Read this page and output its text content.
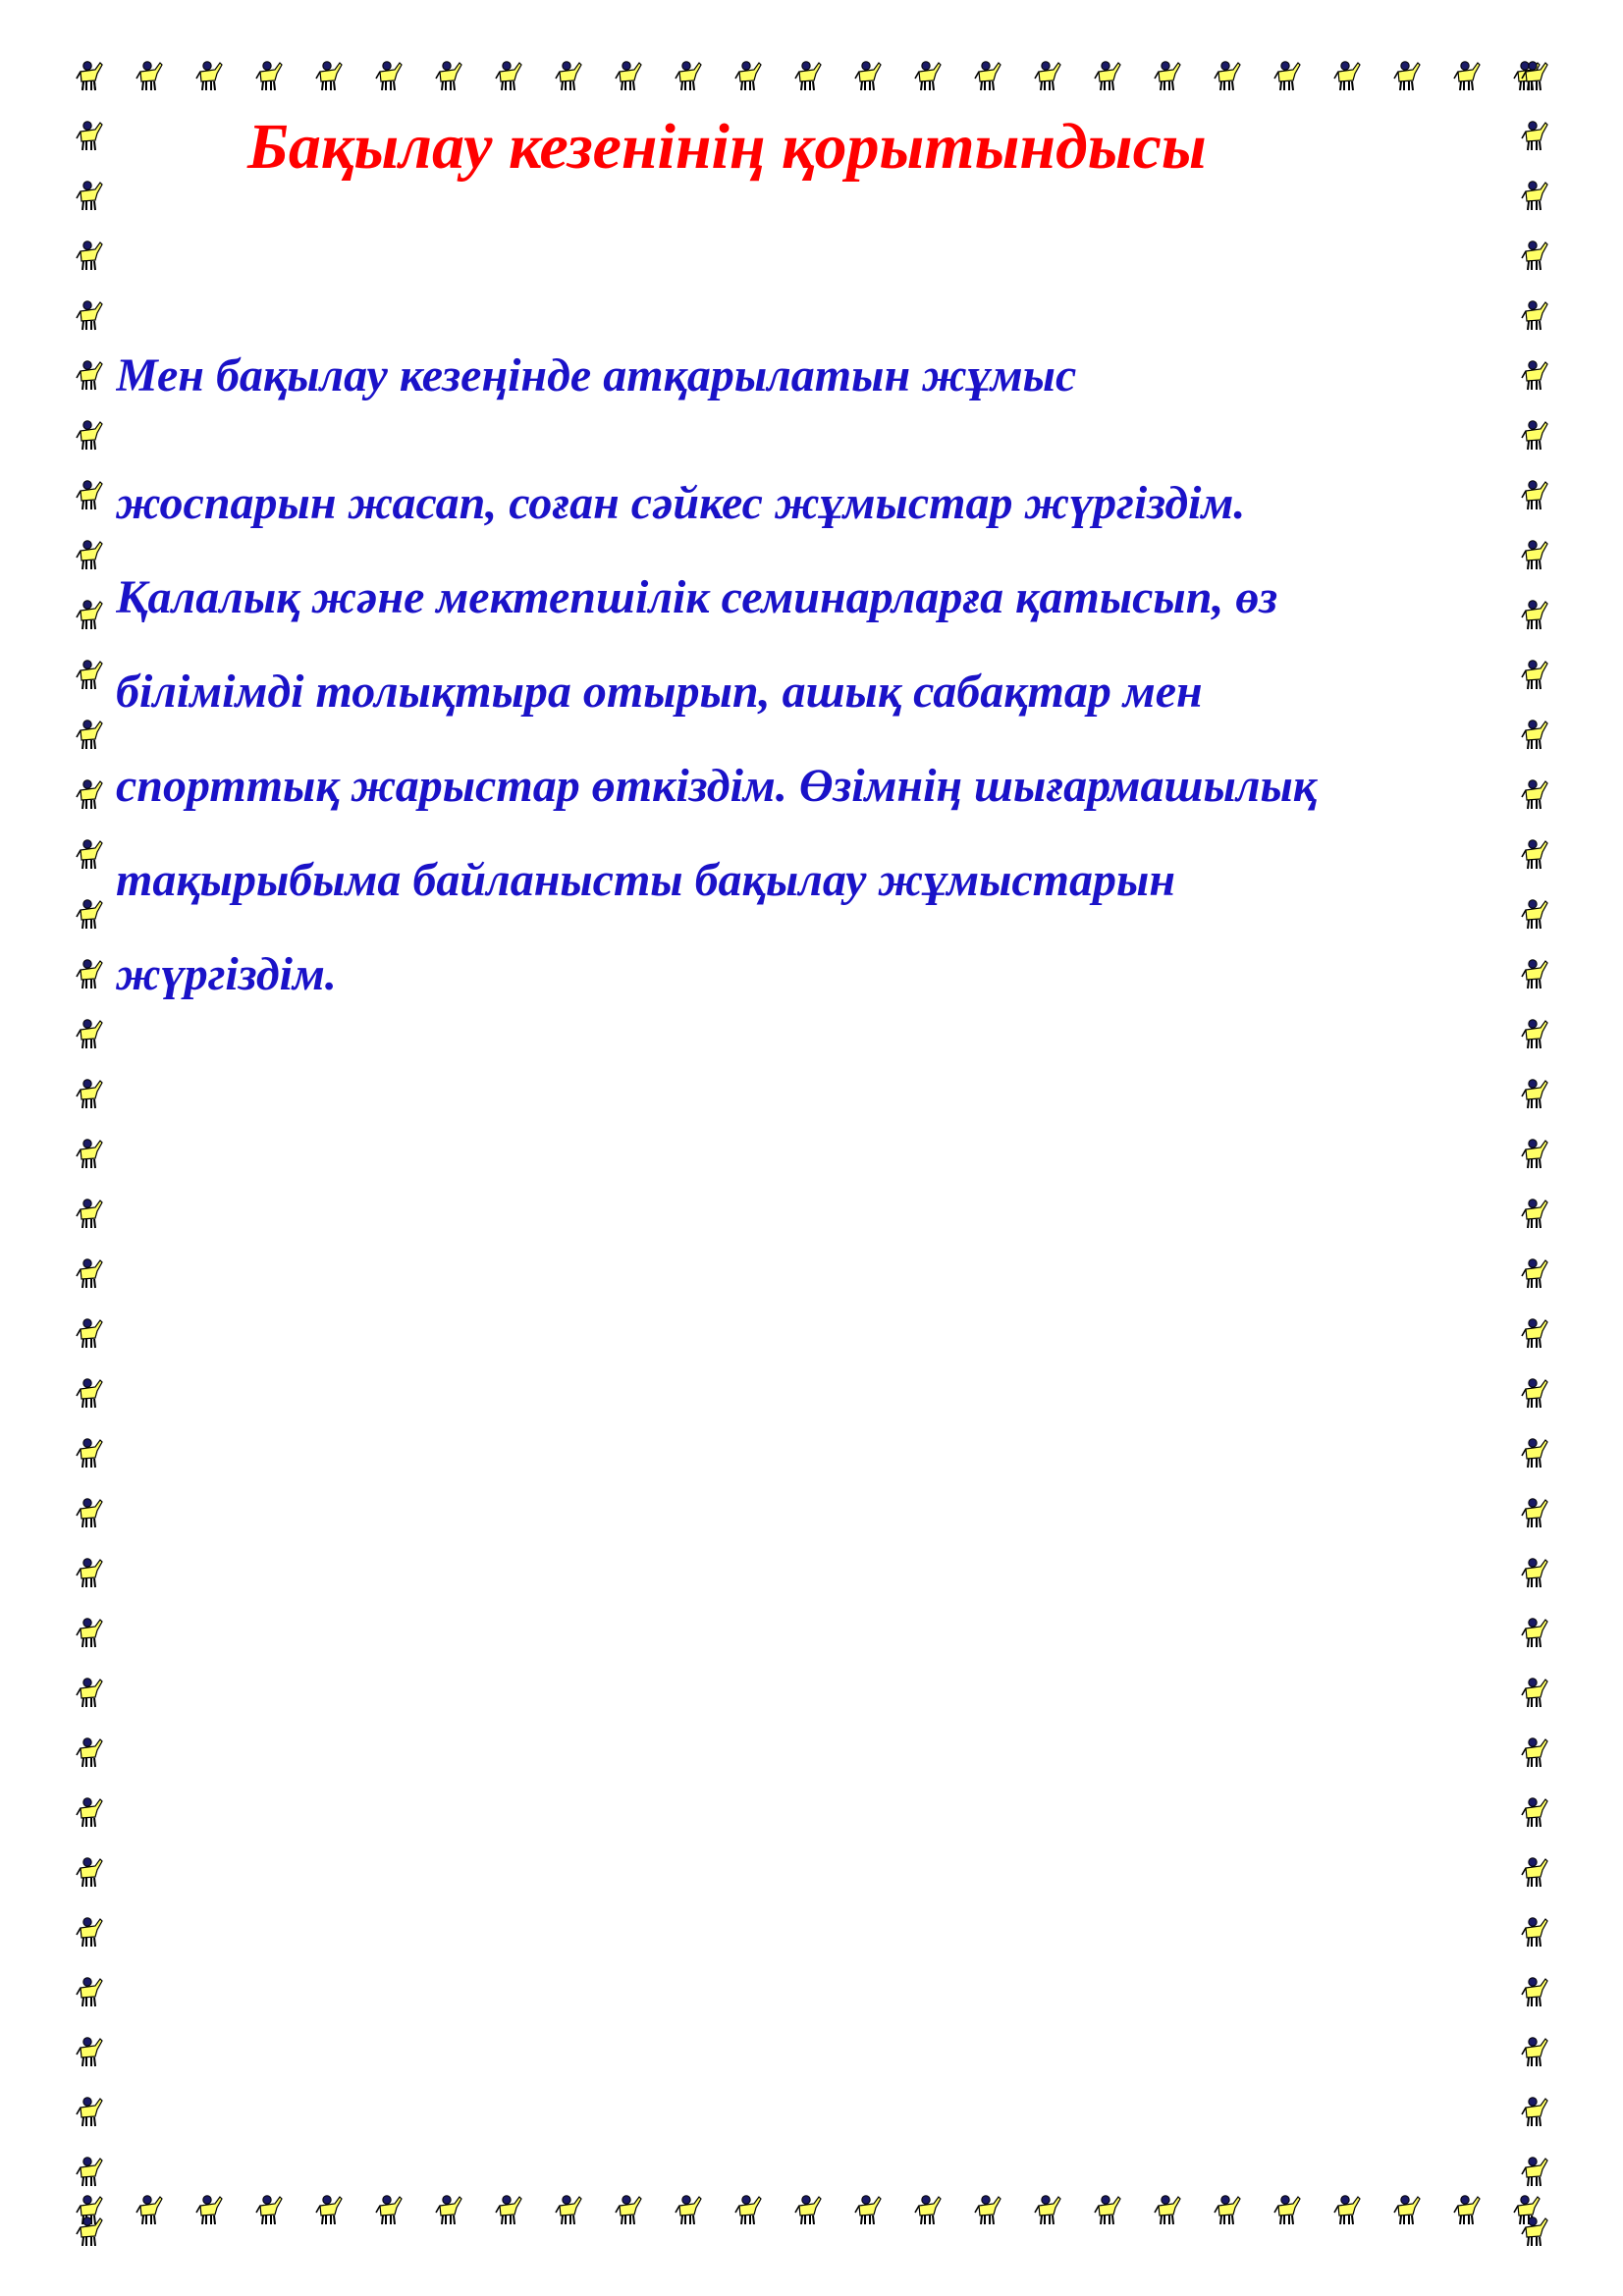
Бақылау кезенінің қорытындысы
Мен бақылау кезеңінде атқарылатын жұмыс
жоспарын жасап, соған сәйкес жұмыстар жүргіздім.
Қалалық және мектепшілік семинарларға қатысып, өз
білімімді толықтыра отырып, ашық сабақтар мен
спорттық жарыстар өткіздім. Өзімнің шығармашылық
тақырыбыма байланысты бақылау жұмыстарын
жүргіздім.
